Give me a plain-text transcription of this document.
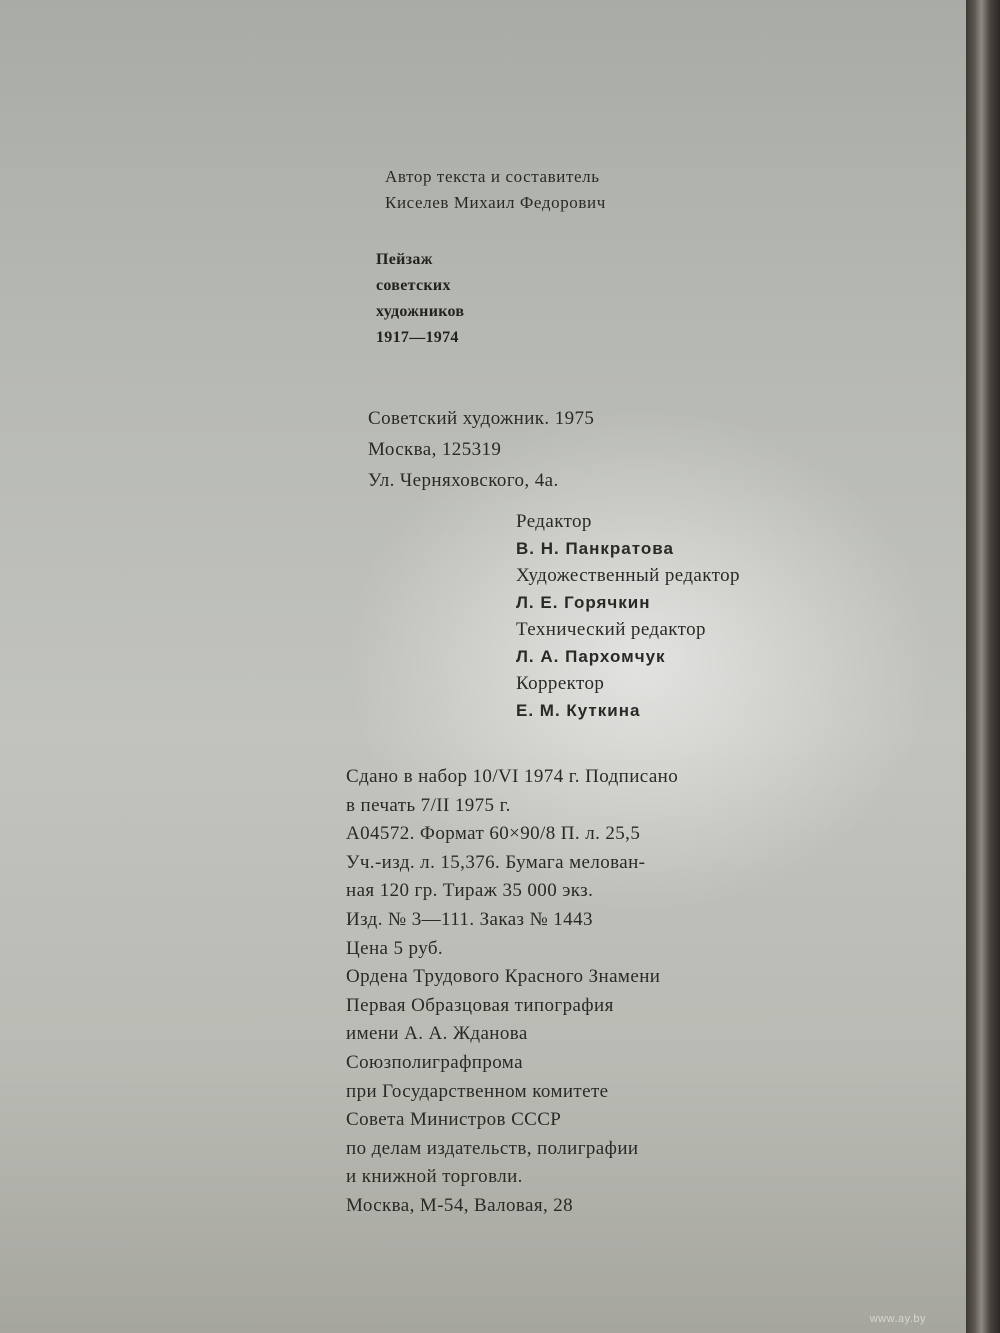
Автор текста и составитель
Киселев Михаил Федорович
Пейзаж
советских
художников
1917—1974
Советский художник. 1975
Москва, 125319
Ул. Черняховского, 4а.
Редактор
В. Н. Панкратова
Художественный редактор
Л. Е. Горячкин
Технический редактор
Л. А. Пархомчук
Корректор
Е. М. Куткина
Сдано в набор 10/VI 1974 г. Подписано
в печать 7/II 1975 г.
А04572. Формат 60×90/8 П. л. 25,5
Уч.-изд. л. 15,376. Бумага мелован-
ная 120 гр. Тираж 35 000 экз.
Изд. № 3—111. Заказ № 1443
Цена 5 руб.
Ордена Трудового Красного Знамени
Первая Образцовая типография
имени А. А. Жданова
Союзполиграфпрома
при Государственном комитете
Совета Министров СССР
по делам издательств, полиграфии
и книжной торговли.
Москва, М-54, Валовая, 28
www.ay.by
